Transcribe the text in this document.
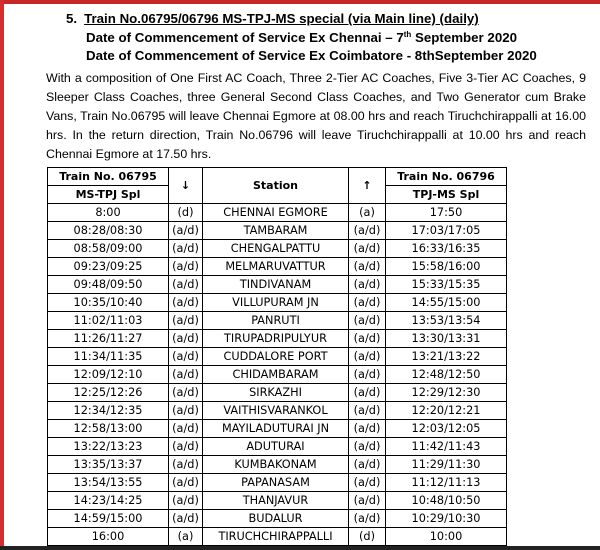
5. Train No.06795/06796 MS-TPJ-MS special (via Main line) (daily)
Date of Commencement of Service Ex Chennai – 7th September 2020
Date of Commencement of Service Ex Coimbatore - 8thSeptember 2020
With a composition of One First AC Coach, Three 2-Tier AC Coaches, Five 3-Tier AC Coaches, 9 Sleeper Class Coaches, three General Second Class Coaches, and Two Generator cum Brake Vans, Train No.06795 will leave Chennai Egmore at 08.00 hrs and reach Tiruchchirappalli at 16.00 hrs. In the return direction, Train No.06796 will leave Tiruchchirappalli at 10.00 hrs and reach Chennai Egmore at 17.50 hrs.
Train No. 06795	↓	Station	↑	Train No. 06796
MS-TPJ Spl				TPJ-MS Spl
8:00	(d)	CHENNAI EGMORE	(a)	17:50
08:28/08:30	(a/d)	TAMBARAM	(a/d)	17:03/17:05
08:58/09:00	(a/d)	CHENGALPATTU	(a/d)	16:33/16:35
09:23/09:25	(a/d)	MELMARUVATTUR	(a/d)	15:58/16:00
09:48/09:50	(a/d)	TINDIVANAM	(a/d)	15:33/15:35
10:35/10:40	(a/d)	VILLUPURAM JN	(a/d)	14:55/15:00
11:02/11:03	(a/d)	PANRUTI	(a/d)	13:53/13:54
11:26/11:27	(a/d)	TIRUPADRIPULYUR	(a/d)	13:30/13:31
11:34/11:35	(a/d)	CUDDALORE PORT	(a/d)	13:21/13:22
12:09/12:10	(a/d)	CHIDAMBARAM	(a/d)	12:48/12:50
12:25/12:26	(a/d)	SIRKAZHI	(a/d)	12:29/12:30
12:34/12:35	(a/d)	VAITHISVARANKOL	(a/d)	12:20/12:21
12:58/13:00	(a/d)	MAYILADUTURAI JN	(a/d)	12:03/12:05
13:22/13:23	(a/d)	ADUTURAI	(a/d)	11:42/11:43
13:35/13:37	(a/d)	KUMBAKONAM	(a/d)	11:29/11:30
13:54/13:55	(a/d)	PAPANASAM	(a/d)	11:12/11:13
14:23/14:25	(a/d)	THANJAVUR	(a/d)	10:48/10:50
14:59/15:00	(a/d)	BUDALUR	(a/d)	10:29/10:30
16:00	(a)	TIRUCHCHIRAPPALLI	(d)	10:00
